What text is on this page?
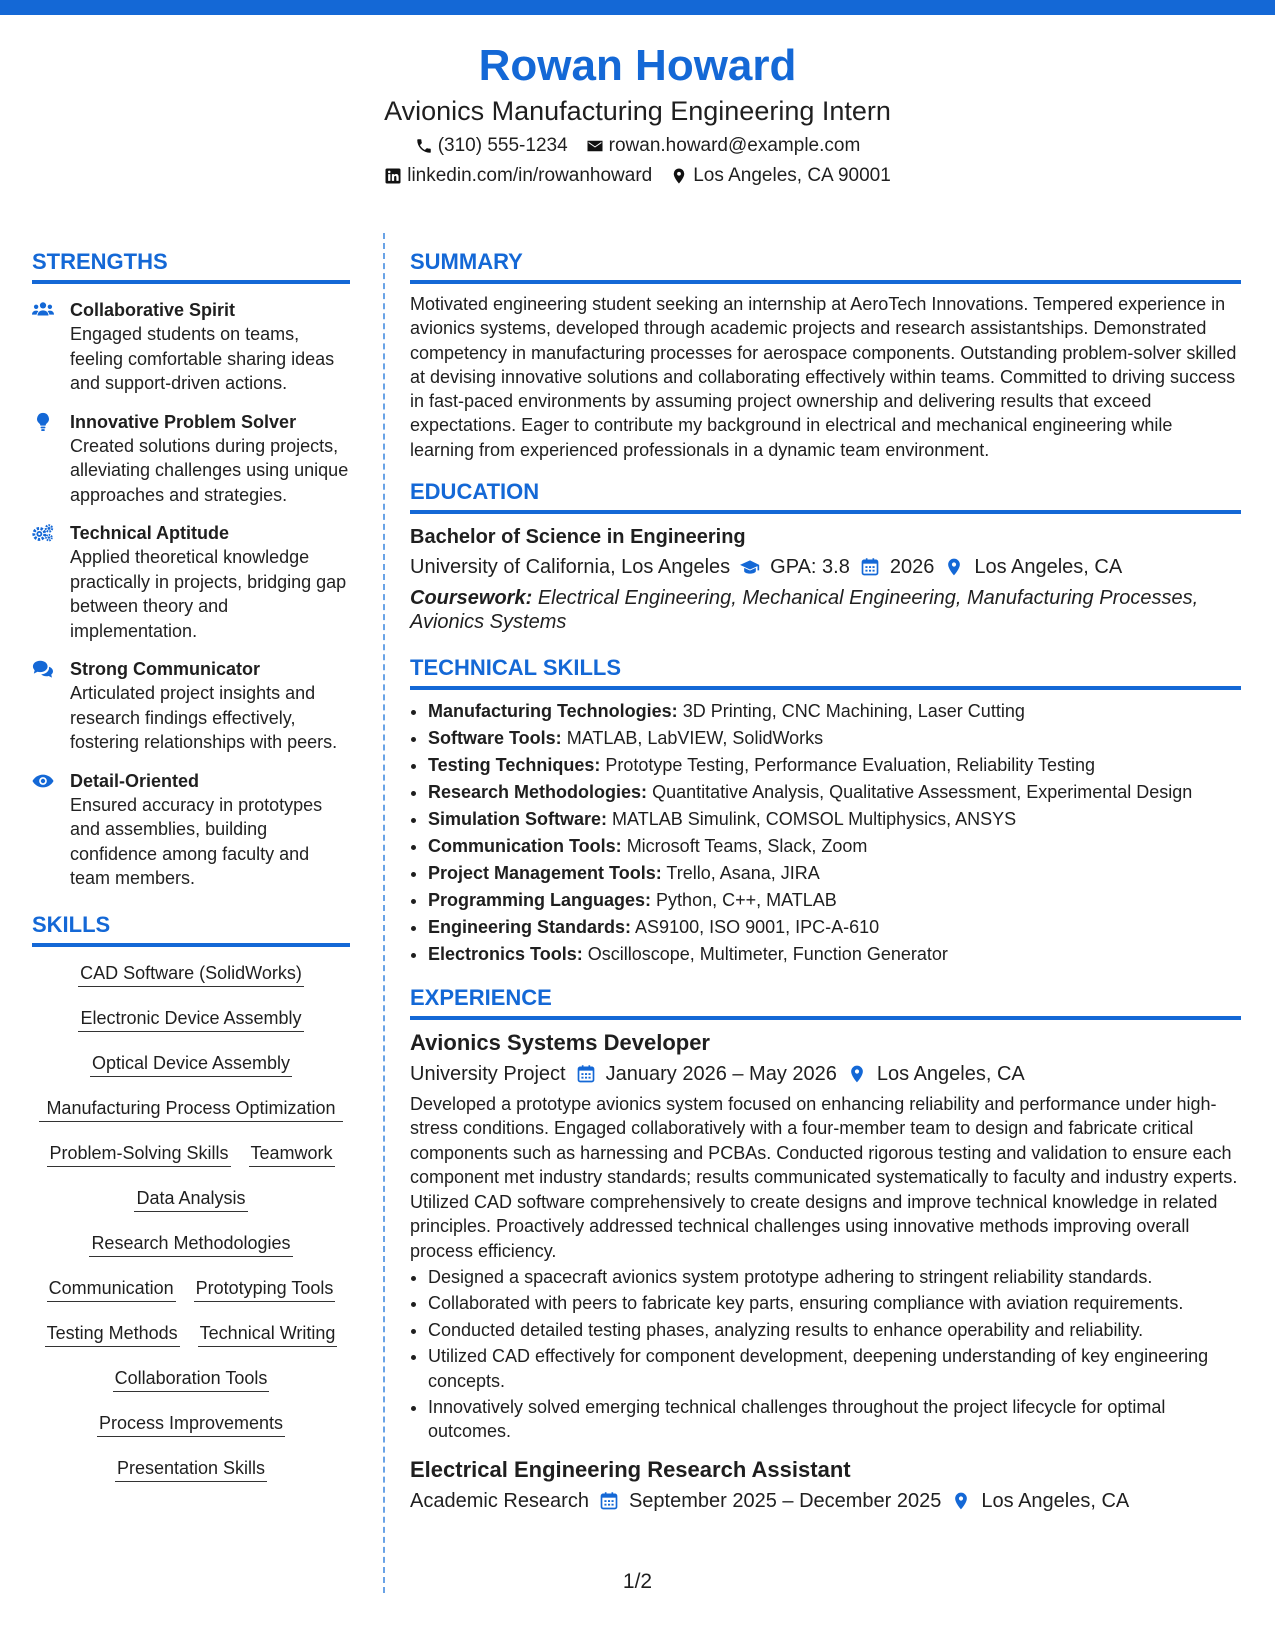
Rowan Howard
Avionics Manufacturing Engineering Intern
(310) 555-1234 rowan.howard@example.com
linkedin.com/in/rowanhoward Los Angeles, CA 90001
STRENGTHS
Collaborative Spirit
Engaged students on teams, feeling comfortable sharing ideas and support-driven actions.
Innovative Problem Solver
Created solutions during projects, alleviating challenges using unique approaches and strategies.
Technical Aptitude
Applied theoretical knowledge practically in projects, bridging gap between theory and implementation.
Strong Communicator
Articulated project insights and research findings effectively, fostering relationships with peers.
Detail-Oriented
Ensured accuracy in prototypes and assemblies, building confidence among faculty and team members.
SKILLS
CAD Software (SolidWorks)
Electronic Device Assembly
Optical Device Assembly
Manufacturing Process Optimization
Problem-Solving Skills Teamwork
Data Analysis
Research Methodologies
Communication Prototyping Tools
Testing Methods Technical Writing
Collaboration Tools
Process Improvements
Presentation Skills
SUMMARY

Motivated engineering student seeking an internship at AeroTech Innovations. Tempered experience in avionics systems, developed through academic projects and research assistantships. Demonstrated competency in manufacturing processes for aerospace components. Outstanding problem-solver skilled at devising innovative solutions and collaborating effectively within teams. Committed to driving success in fast-paced environments by assuming project ownership and delivering results that exceed expectations. Eager to contribute my background in electrical and mechanical engineering while learning from experienced professionals in a dynamic team environment.

EDUCATION
Bachelor of Science in Engineering
University of California, Los Angeles GPA: 3.8 2026 Los Angeles, CA
Coursework: Electrical Engineering, Mechanical Engineering, Manufacturing Processes, Avionics Systems
TECHNICAL SKILLS
• Manufacturing Technologies: 3D Printing, CNC Machining, Laser Cutting
• Software Tools: MATLAB, LabVIEW, SolidWorks
• Testing Techniques: Prototype Testing, Performance Evaluation, Reliability Testing
• Research Methodologies: Quantitative Analysis, Qualitative Assessment, Experimental Design
• Simulation Software: MATLAB Simulink, COMSOL Multiphysics, ANSYS
• Communication Tools: Microsoft Teams, Slack, Zoom
• Project Management Tools: Trello, Asana, JIRA
• Programming Languages: Python, C++, MATLAB
• Engineering Standards: AS9100, ISO 9001, IPC-A-610
• Electronics Tools: Oscilloscope, Multimeter, Function Generator
EXPERIENCE
Avionics Systems Developer
University Project January 2026 – May 2026 Los Angeles, CA
Developed a prototype avionics system focused on enhancing reliability and performance under high-stress conditions. Engaged collaboratively with a four-member team to design and fabricate critical components such as harnessing and PCBAs. Conducted rigorous testing and validation to ensure each component met industry standards; results communicated systematically to faculty and industry experts. Utilized CAD software comprehensively to create designs and improve technical knowledge in related principles. Proactively addressed technical challenges using innovative methods improving overall process efficiency.
• Designed a spacecraft avionics system prototype adhering to stringent reliability standards.
• Collaborated with peers to fabricate key parts, ensuring compliance with aviation requirements.
• Conducted detailed testing phases, analyzing results to enhance operability and reliability.
• Utilized CAD effectively for component development, deepening understanding of key engineering concepts.
• Innovatively solved emerging technical challenges throughout the project lifecycle for optimal outcomes.
Electrical Engineering Research Assistant
Academic Research September 2025 – December 2025 Los Angeles, CA
1/2
